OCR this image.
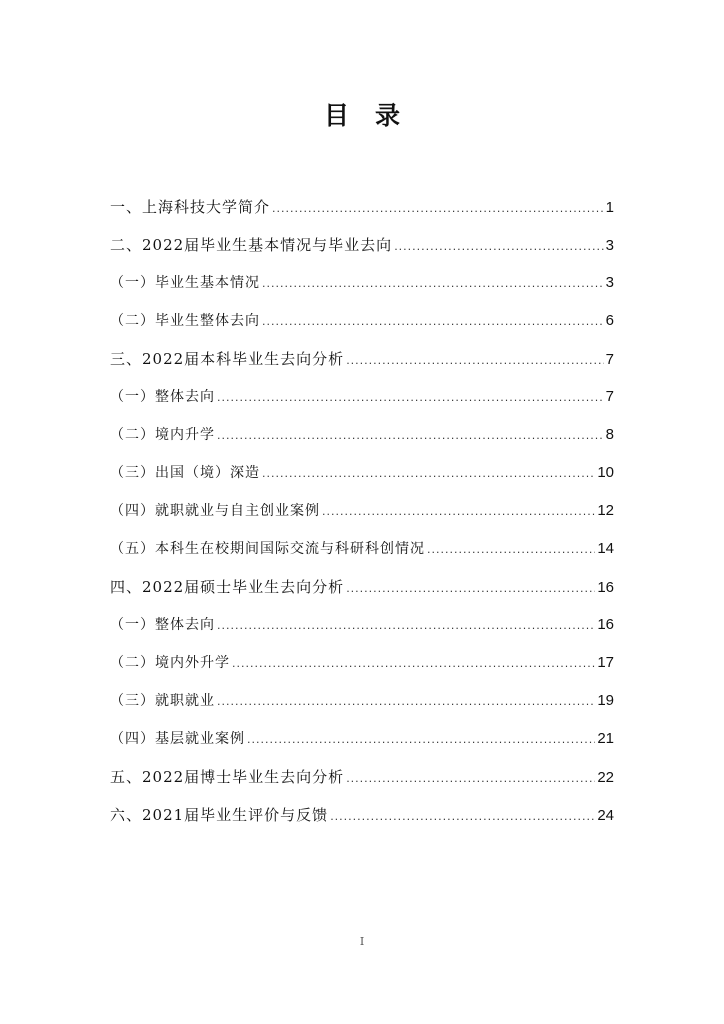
目 录
一、上海科技大学简介 .....	1
二、2022届毕业生基本情况与毕业去向 .....	3
（一）毕业生基本情况 .....	3
（二）毕业生整体去向 .....	6
三、2022届本科毕业生去向分析 .....	7
（一）整体去向 .....	7
（二）境内升学 .....	8
（三）出国（境）深造 .....	10
（四）就职就业与自主创业案例 .....	12
（五）本科生在校期间国际交流与科研科创情况 .....	14
四、2022届硕士毕业生去向分析 .....	16
（一）整体去向 .....	16
（二）境内外升学 .....	17
（三）就职就业 .....	19
（四）基层就业案例 .....	21
五、2022届博士毕业生去向分析 .....	22
六、2021届毕业生评价与反馈 .....	24
I
